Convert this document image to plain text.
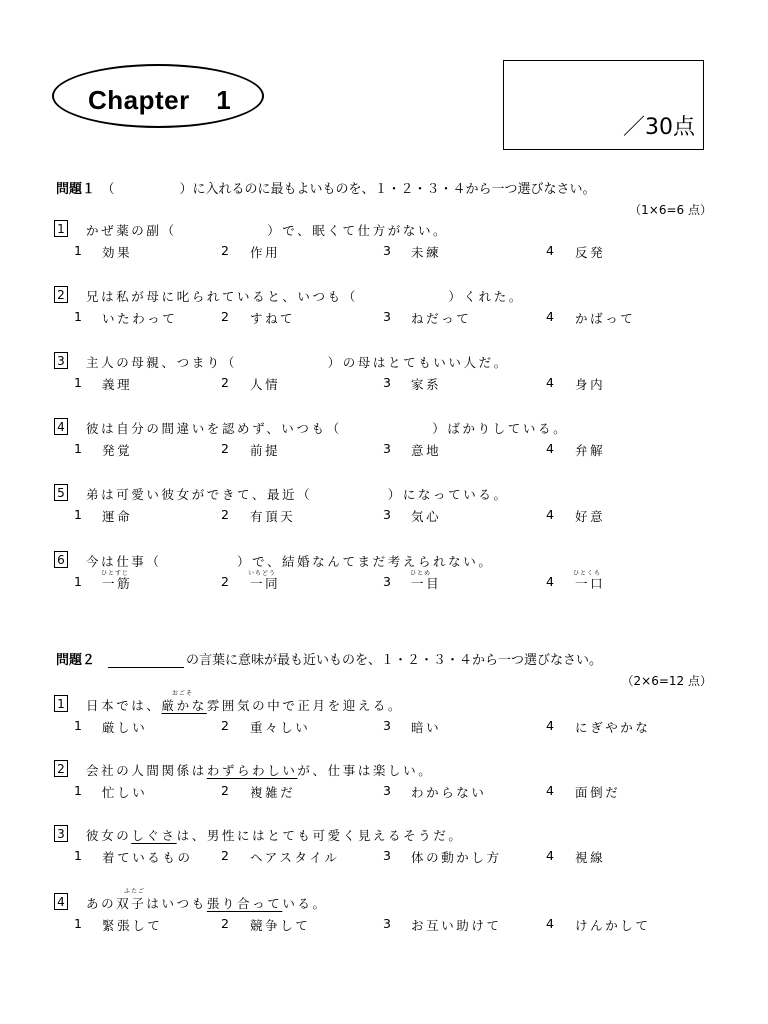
Chapter　1
／30点
問題１　 （　　　　　）に入れるのに最もよいものを、１・２・３・４から一つ選びなさい。
（1×6=6 点）
1 かぜ薬の副（　　　　　　）で、眠くて仕方がない。
1 効果	2 作用	3 未練	4 反発
2 兄は私が母に叱られていると、いつも（　　　　　　）くれた。
1 いたわって	2 すねて	3 ねだって	4 かばって
3 主人の母親、つまり（　　　　　　）の母はとてもいい人だ。
1 義理	2 人情	3 家系	4 身内
4 彼は自分の間違いを認めず、いつも（　　　　　　）ばかりしている。
1 発覚	2 前提	3 意地	4 弁解
5 弟は可愛い彼女ができて、最近（　　　　　）になっている。
1 運命	2 有頂天	3 気心	4 好意
6 今は仕事（　　　　　）で、結婚なんてまだ考えられない。
1 一筋
ひとすじ
2 一同
いちどう
3 一目
ひとめ
4 一口
ひとくち
問題２　	の言葉に意味が最も近いものを、１・２・３・４から一つ選びなさい。
（2×6=12 点）
1 日本では、厳かな雰囲気の中で正月を迎える。
おごそ
1 厳しい	2 重々しい	3 暗い	4 にぎやかな
2 会社の人間関係はわずらわしいが、仕事は楽しい。
1 忙しい	2 複雑だ	3 わからない	4 面倒だ
3 彼女のしぐさは、男性にはとても可愛く見えるそうだ。
1 着ているもの 2 ヘアスタイル	3 体の動かし方	4 視線
4 あの双子はいつも張り合っている。
ふたご
1 緊張して	2 競争して	3 お互い助けて	4 けんかして
